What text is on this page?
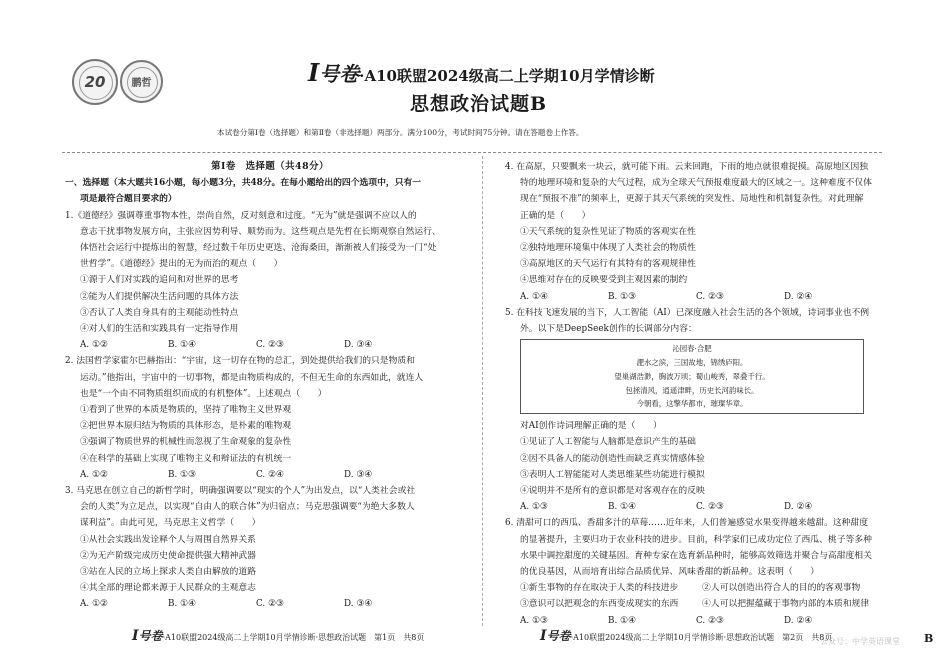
20	鹏哲	I号卷·A10联盟2024级高二上学期10月学情诊断
思想政治试题B
本试卷分第Ⅰ卷（选择题）和第Ⅱ卷（非选择题）两部分。满分100分，考试时间75分钟。请在答题卷上作答。

第Ⅰ卷　选择题（共48分）

一、选择题（本大题共16小题，每小题3分，共48分。在每小题给出的四个选项中，只有一

项是最符合题目要求的）

1.《道德经》强调尊重事物本性，崇尚自然，反对刻意和过度。“无为”就是强调不应以人的

意志干扰事物发展方向，主张应因势利导、顺势而为。这些观点是先哲在长期观察自然运行、

体悟社会运行中提炼出的智慧，经过数千年历史更迭、沧海桑田，渐渐被人们接受为一门“处

世哲学”。《道德经》提出的无为而治的观点（　　）

①源于人们对实践的追问和对世界的思考

②能为人们提供解决生活问题的具体方法

③否认了人类自身具有的主观能动性特点

④对人们的生活和实践具有一定指导作用

A. ①②	B. ①④	C. ②③	D. ③④

2. 法国哲学家霍尔巴赫指出：“宇宙，这一切存在物的总汇，到处提供给我们的只是物质和

运动。”他指出，宇宙中的一切事物，都是由物质构成的，不但无生命的东西如此，就连人

也是“一个由不同物质组织而成的有机整体”。上述观点（　　）

①看到了世界的本质是物质的，坚持了唯物主义世界观

②把世界本原归结为物质的具体形态，是朴素的唯物观

③强调了物质世界的机械性而忽视了生命观象的复杂性

④在科学的基础上实现了唯物主义和辩证法的有机统一

A. ①②	B. ①③	C. ②④	D. ③④

3. 马克思在创立自己的新哲学时，明确强调要以“现实的个人”为出发点，以“人类社会或社

会的人类”为立足点，以实现“自由人的联合体”为归宿点；马克思强调要“为绝大多数人

谋利益”。由此可见，马克思主义哲学（　　）

①从社会实践出发诠释个人与周围自然界关系

②为无产阶级完成历史使命提供强大精神武器

③站在人民的立场上探求人类自由解放的道路

④其全部的理论都来源于人民群众的主观意志

A. ①②	B. ①④	C. ②③	D. ③④

4. 在高原，只要飘来一块云，就可能下雨。云来回跑，下雨的地点就很难捉摸。高原地区因独

特的地理环境和复杂的大气过程，成为全球天气预报难度最大的区域之一。这种难度不仅体

现在“预报不准”的频率上，更源于其天气系统的突发性、局地性和机制复杂性。对此理解

正确的是（　　）

①天气系统的复杂性见证了物质的客观实在性

②独特地理环境集中体现了人类社会的物质性

③高原地区的天气运行有其特有的客观规律性

④思维对存在的反映要受到主观因素的制约

A. ①④	B. ①③	C. ②③	D. ②④

5. 在科技飞速发展的当下，人工智能（AI）已深度融入社会生活的各个领域，诗词事业也不例

外。以下是DeepSeek创作的长调部分内容：

沁园春·合肥
淝水之滨，三国故地，锦绣庐阳。
望巢湖浩渺，胸波万顷；蜀山峻秀，翠叠千行。
包拯清风，逍遥津畔，历史长河韵味长。
今朝看，这擎华都市，璀璨华章。

对AI创作诗词理解正确的是（　　）

①见证了人工智能与人脑都是意识产生的基础

②因不具备人的能动创造性而缺乏真实情感体验

③表明人工智能能对人类思维某些功能进行模拟

④说明并不是所有的意识都是对客观存在的反映

A. ①③	B. ①④	C. ②③	D. ②④

6. 清甜可口的西瓜、香甜多汁的草莓……近年来，人们普遍感觉水果变得越来越甜。这种甜度

的显著提升，主要归功于农业科技的进步。目前，科学家们已成功定位了西瓜、桃子等多种

水果中调控甜度的关键基因。育种专家在选育新品种时，能够高效筛选并聚合与高甜度相关

的优良基因，从而培育出综合品质优异、风味香甜的新品种。这表明（　　）

①新生事物的存在取决于人类的科技进步	②人可以创造出符合人的目的的客观事物
③意识可以把观念的东西变成现实的东西	④人可以把握蕴藏于事物内部的本质和规律
A. ①③	B. ①④	C. ②③	D. ②④
I号卷·A10联盟2024级高二上学期10月学情诊断·思想政治试题　第1页　共8页	I号卷·A10联盟2024级高二上学期10月学情诊断·思想政治试题　第2页　共8页
公众号：中学英语课堂 B
